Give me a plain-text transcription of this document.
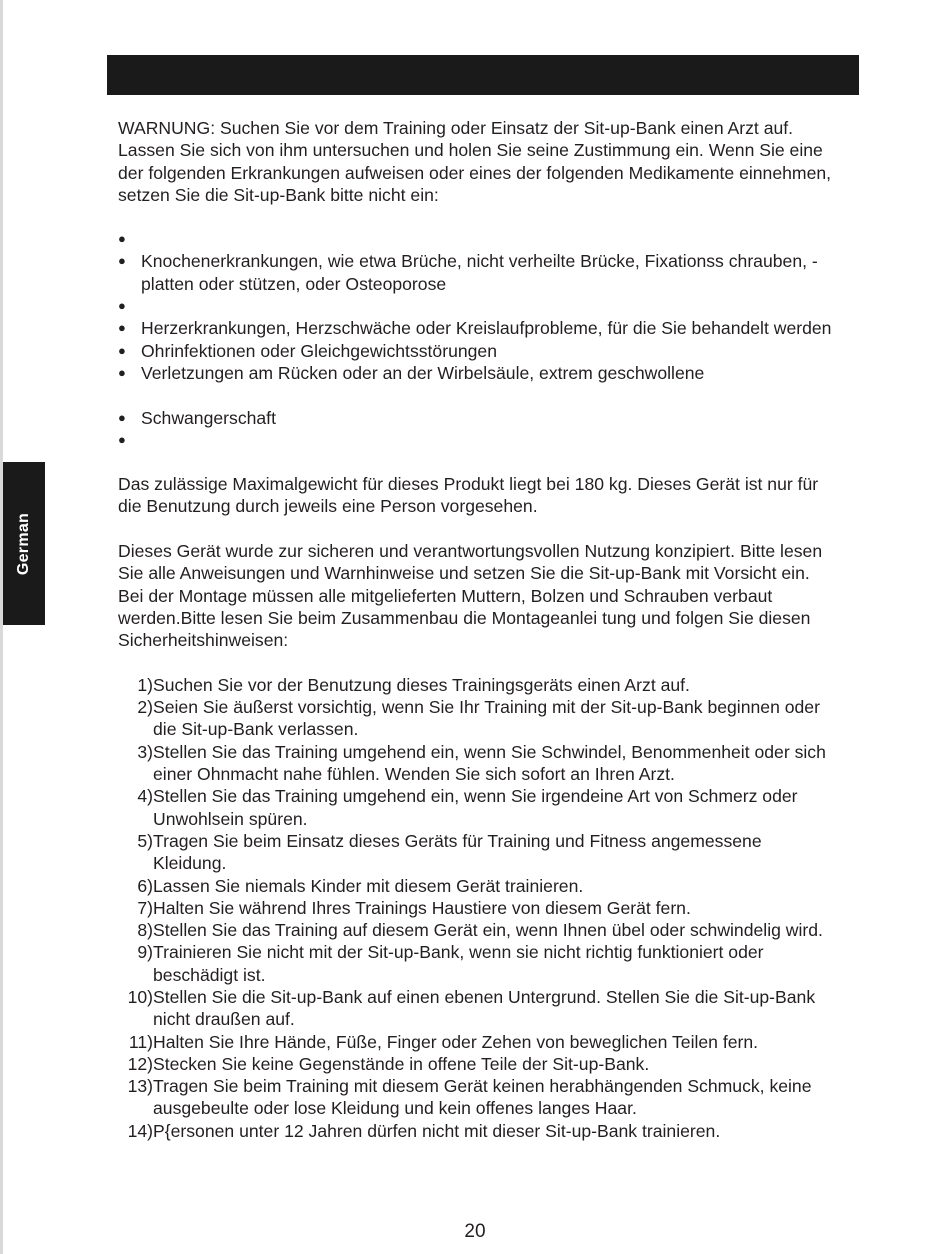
German

WARNUNG: Suchen Sie vor dem Training oder Einsatz der Sit-up-Bank einen Arzt auf. Lassen Sie sich von ihm untersuchen und holen Sie seine Zustimmung ein. Wenn Sie eine der folgenden Erkrankungen aufweisen oder eines der folgenden Medikamente einnehmen, setzen Sie die Sit-up-Bank bitte nicht ein:

●
● Knochenerkrankungen, wie etwa Brüche, nicht verheilte Brücke, Fixationss chrauben, -platten oder stützen, oder Osteoporose
●
● Herzerkrankungen, Herzschwäche oder Kreislaufprobleme, für die Sie behandelt werden
● Ohrinfektionen oder Gleichgewichtsstörungen
● Verletzungen am Rücken oder an der Wirbelsäule, extrem geschwollene
● Schwangerschaft
●

Das zulässige Maximalgewicht für dieses Produkt liegt bei 180 kg. Dieses Gerät ist nur für die Benutzung durch jeweils eine Person vorgesehen.

Dieses Gerät wurde zur sicheren und verantwortungsvollen Nutzung konzipiert. Bitte lesen Sie alle Anweisungen und Warnhinweise und setzen Sie die Sit-up-Bank mit Vorsicht ein. Bei der Montage müssen alle mitgelieferten Muttern, Bolzen und Schrauben verbaut werden.Bitte lesen Sie beim Zusammenbau die Montageanlei tung und folgen Sie diesen Sicherheitshinweisen:

1) Suchen Sie vor der Benutzung dieses Trainingsgeräts einen Arzt auf.
2) Seien Sie äußerst vorsichtig, wenn Sie Ihr Training mit der Sit-up-Bank beginnen oder die Sit-up-Bank verlassen.
3) Stellen Sie das Training umgehend ein, wenn Sie Schwindel, Benommenheit oder sich einer Ohnmacht nahe fühlen. Wenden Sie sich sofort an Ihren Arzt.
4) Stellen Sie das Training umgehend ein, wenn Sie irgendeine Art von Schmerz oder Unwohlsein spüren.
5) Tragen Sie beim Einsatz dieses Geräts für Training und Fitness angemessene Kleidung.
6) Lassen Sie niemals Kinder mit diesem Gerät trainieren.
7) Halten Sie während Ihres Trainings Haustiere von diesem Gerät fern.
8) Stellen Sie das Training auf diesem Gerät ein, wenn Ihnen übel oder schwindelig wird.
9) Trainieren Sie nicht mit der Sit-up-Bank, wenn sie nicht richtig funktioniert oder beschädigt ist.
10) Stellen Sie die Sit-up-Bank auf einen ebenen Untergrund. Stellen Sie die Sit-up-Bank nicht draußen auf.
11) Halten Sie Ihre Hände, Füße, Finger oder Zehen von beweglichen Teilen fern.
12) Stecken Sie keine Gegenstände in offene Teile der Sit-up-Bank.
13) Tragen Sie beim Training mit diesem Gerät keinen herabhängenden Schmuck, keine ausgebeulte oder lose Kleidung und kein offenes langes Haar.
14) P{ersonen unter 12 Jahren dürfen nicht mit dieser Sit-up-Bank trainieren.
20
